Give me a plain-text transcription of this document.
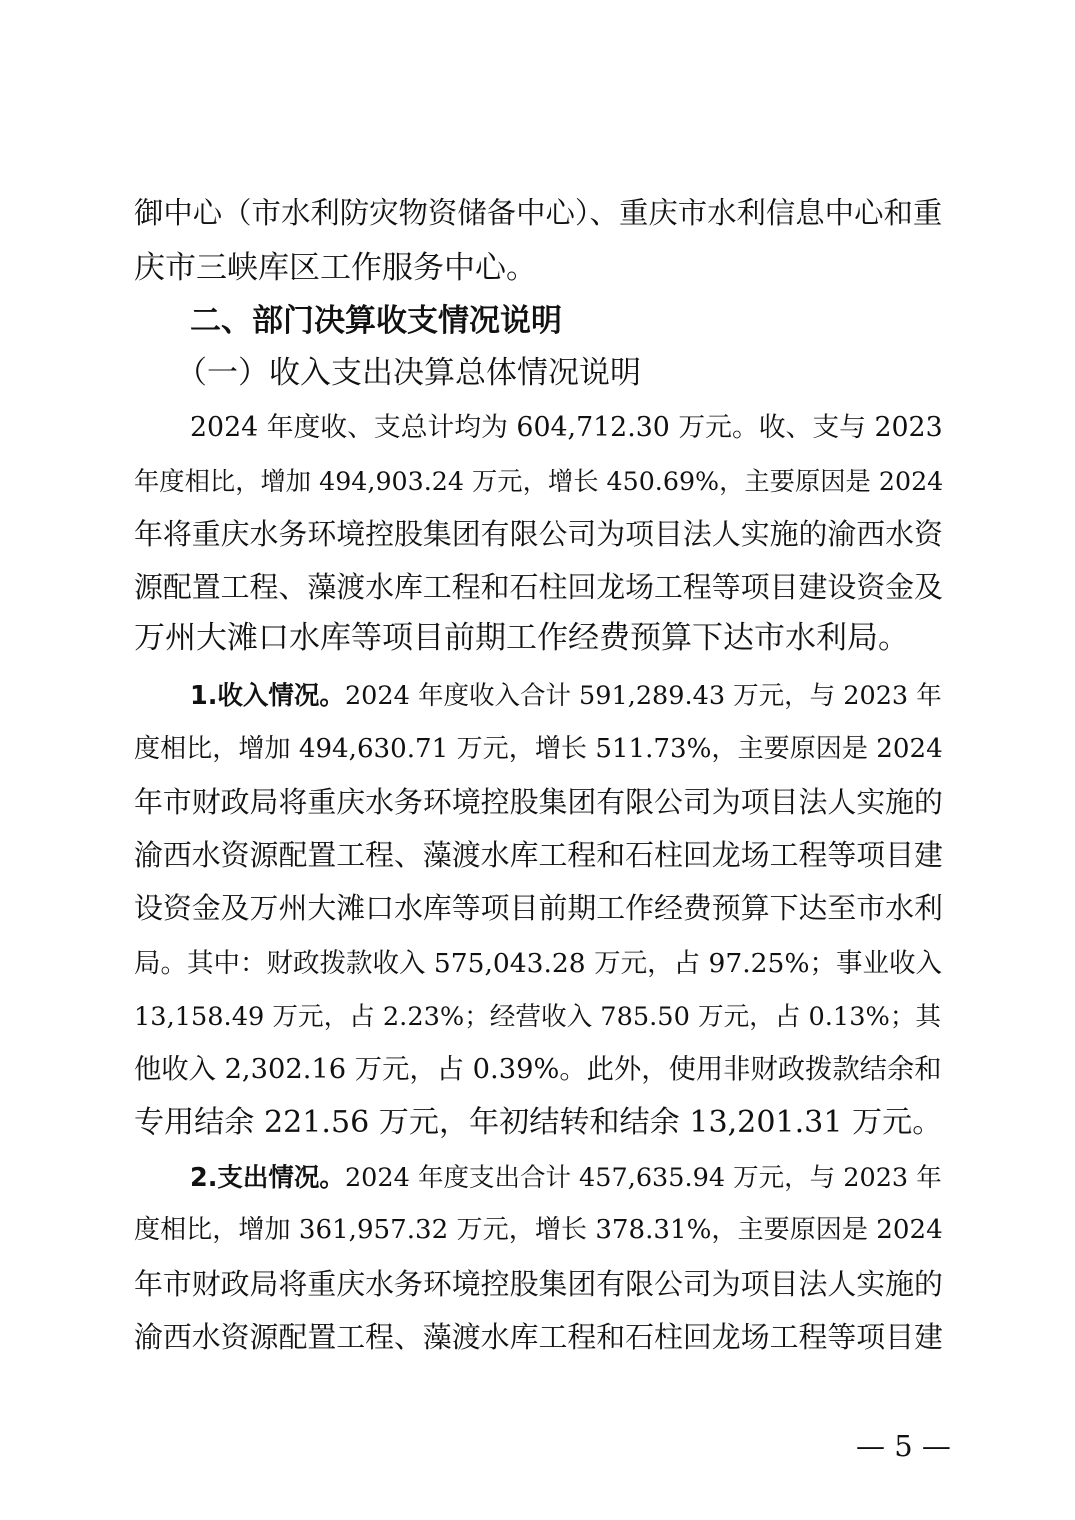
御中心（市水利防灾物资储备中心）、重庆市水利信息中心和重
庆市三峡库区工作服务中心。
二、部门决算收支情况说明
（一）收入支出决算总体情况说明
2024 年度收、支总计均为 604,712.30 万元。收、支与 2023
年度相比，增加 494,903.24 万元，增长 450.69%，主要原因是 2024
年将重庆水务环境控股集团有限公司为项目法人实施的渝西水资
源配置工程、藻渡水库工程和石柱回龙场工程等项目建设资金及
万州大滩口水库等项目前期工作经费预算下达市水利局。
1.收入情况。2024 年度收入合计 591,289.43 万元，与 2023 年
度相比，增加 494,630.71 万元，增长 511.73%，主要原因是 2024
年市财政局将重庆水务环境控股集团有限公司为项目法人实施的
渝西水资源配置工程、藻渡水库工程和石柱回龙场工程等项目建
设资金及万州大滩口水库等项目前期工作经费预算下达至市水利
局。其中：财政拨款收入 575,043.28 万元，占 97.25%；事业收入
13,158.49 万元，占 2.23%；经营收入 785.50 万元，占 0.13%；其
他收入 2,302.16 万元，占 0.39%。此外，使用非财政拨款结余和
专用结余 221.56 万元，年初结转和结余 13,201.31 万元。
2.支出情况。2024 年度支出合计 457,635.94 万元，与 2023 年
度相比，增加 361,957.32 万元，增长 378.31%，主要原因是 2024
年市财政局将重庆水务环境控股集团有限公司为项目法人实施的
渝西水资源配置工程、藻渡水库工程和石柱回龙场工程等项目建
— 5 —
